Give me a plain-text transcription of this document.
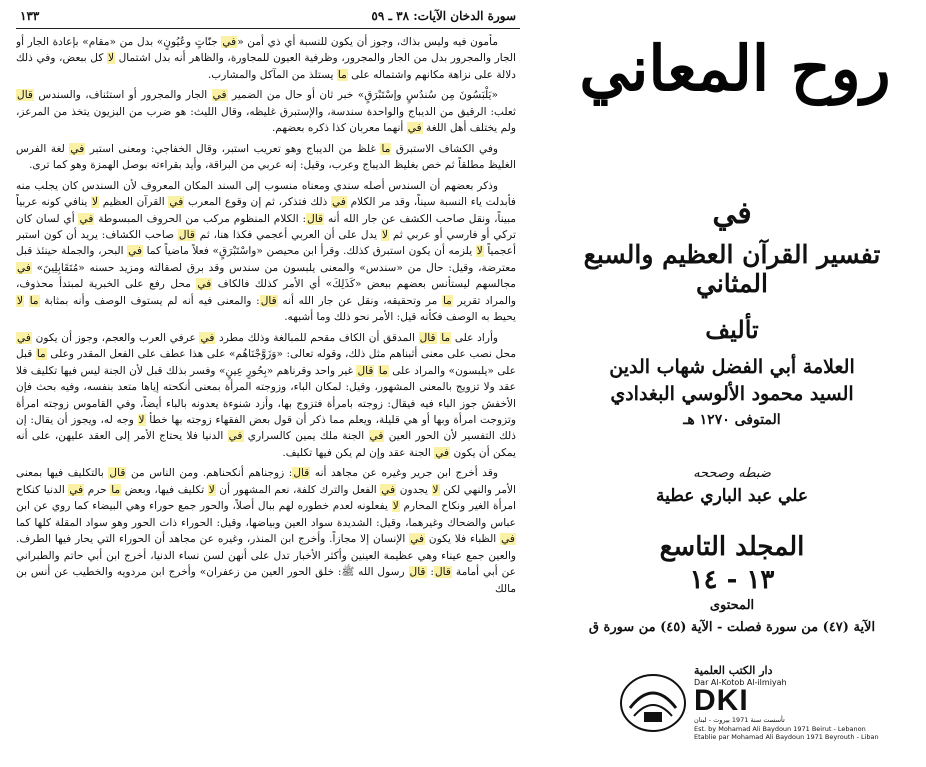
سورة الدخان الآيات: ٣٨ ـ ٥٩
١٣٣

مأمون فيه وليس بذاك، وجوز أن يكون للنسبة أي ذي أمن «في جنّاتٍ وعُيُونٍ» بدل من «مقام» بإعادة الجار أو الجار والمجرور بدل من الجار والمجرور، وظرفية العيون للمجاورة، والظاهر أنه بدل اشتمال لا كل ببعض، وفي ذلك دلالة على نزاهة مكانهم واشتماله على ما يستلذ من المآكل والمشارب.

«يَلْبَسُونَ مِن سُندُسٍ وإسْتَبْرَقٍ» خبر ثان أو حال من الضمير في الجار والمجرور أو استئناف، والسندس قال ثعلب: الرقيق من الديباج والواحدة سندسة، والإستبرق غليظه، وقال الليث: هو ضرب من البزيون يتخذ من المرعز، ولم يختلف أهل اللغة في أنهما معربان كذا ذكره بعضهم.

وفي الكشاف الاستبرق ما غلظ من الديباج وهو تعريب استبر، وقال الخفاجي: ومعنى استبر في لغة الفرس الغليظ مطلقاً ثم خص بغليظ الديباج وعرب، وقيل: إنه عربي من البراقة، وأيد بقراءته بوصل الهمزة وهو كما ترى.

وذكر بعضهم أن السندس أصله سندي ومعناه منسوب إلى السند المكان المعروف لأن السندس كان يجلب منه فأبدلت ياء النسبة سيناً، وقد مر الكلام في ذلك فتذكر، ثم إن وقوع المعرب في القرآن العظيم لا ينافي كونه عربياً مبيناً، ونقل صاحب الكشف عن جار الله أنه قال: الكلام المنظوم مركب من الحروف المبسوطة في أي لسان كان تركي أو فارسي أو عربي ثم لا يدل على أن العربي أعجمي فكذا هنا، ثم قال صاحب الكشاف: يريد أن كون استبر أعجمياً لا يلزمه أن يكون استبرق كذلك. وقرأ ابن محيصن «واسْتَبْرَقٍ» فعلاً ماضياً كما في البحر، والجملة حينئذ قبل معترضة، وقيل: حال من «سندس» والمعنى يلبسون من سندس وقد برق لصقالته ومزيد حسنه «مُتَقَابِلِينَ» في مجالسهم ليستأنس بعضهم ببعض «كَذَلِكَ» أي الأمر كذلك فالكاف في محل رفع على الخبرية لمبتدأ محذوف، والمراد تقرير ما مر وتحقيقه، ونقل عن جار الله أنه قال: والمعنى فيه أنه لم يستوف الوصف وأنه بمثابة ما لا يحيط به الوصف فكأنه قيل: الأمر نحو ذلك وما أشبهه.

وأراد على ما قال المدقق أن الكاف مقحم للمبالغة وذلك مطرد في عرفي العرب والعجم، وجوز أن يكون في محل نصب على معنى أثبناهم مثل ذلك، وقوله تعالى: «وَزَوَّجْنَاهُم» على هذا عطف على الفعل المقدر وعلى ما قبل على «يلبسون» والمراد على ما قال غير واحد وقرناهم «بِحُورٍ عِينٍ» وفسر بذلك قبل لأن الجنة ليس فيها تكليف فلا عقد ولا تزويج بالمعنى المشهور، وقيل: لمكان الباء، وزوجته المرأة بمعنى أنكحته إياها متعد بنفسه، وفيه بحث فإن الأخفش جوز الباء فيه فيقال: زوجته بامرأة فتزوج بها، وأزد شنوءة يعدونه بالباء أيضاً، وفي القاموس زوجته امرأة وتزوجت امرأة وبها أو هي قليلة، ويعلم مما ذكر أن قول بعض الفقهاء زوجته بها خطأ لا وجه له، ويجوز أن يقال: إن ذلك التفسير لأن الحور العين في الجنة ملك يمين كالسراري في الدنيا فلا يحتاج الأمر إلى العقد عليهن، على أنه يمكن أن يكون في الجنة عقد وإن لم يكن فيها تكليف.

وقد أخرج ابن جرير وغيره عن مجاهد أنه قال: زوجناهم أنكحناهم. ومن الناس من قال بالتكليف فيها بمعنى الأمر والنهي لكن لا يجدون في الفعل والترك كلفة، نعم المشهور أن لا تكليف فيها، وبعض ما حرم في الدنيا كنكاح امرأة الغير ونكاح المحارم لا يفعلونه لعدم خطوره لهم ببال أصلاً، والحور جمع حوراء وهي البيضاء كما روي عن ابن عباس والضحاك وغيرهما، وقيل: الشديدة سواد العين وبياضها، وقيل: الحوراء ذات الحور وهو سواد المقلة كلها كما في الظباء فلا يكون في الإنسان إلا مجازاً. وأخرج ابن المنذر، وغيره عن مجاهد أن الحوراء التي يحار فيها الطرف. والعين جمع عيناء وهي عظيمة العينين وأكثر الأخبار تدل على أنهن لسن نساء الدنيا، أخرج ابن أبي حاتم والطبراني عن أبي أمامة قال: قال رسول الله ﷺ: خلق الحور العين من زعفران» وأخرج ابن مردويه والخطيب عن أنس بن مالك

روح المعاني
في
تفسير القرآن العظيم والسبع المثاني
تأليف
العلامة أبي الفضل شهاب الدين
السيد محمود الألوسي البغدادي
المتوفى ١٢٧٠ هـ
ضبطه وصححه
علي عبد الباري عطية
المجلد التاسع
١٣ - ١٤
المحتوى
الآية (٤٧) من سورة فصلت - الآية (٤٥) من سورة ق
دار الكتب العلمية
Dar Al-Kotob Al-ilmiyah
DKI
تأسست سنة 1971 بيروت - لبنان
Est. by Mohamad Ali Baydoun 1971 Beirut - Lebanon
Etablie par Mohamad Ali Baydoun 1971 Beyrouth - Liban
